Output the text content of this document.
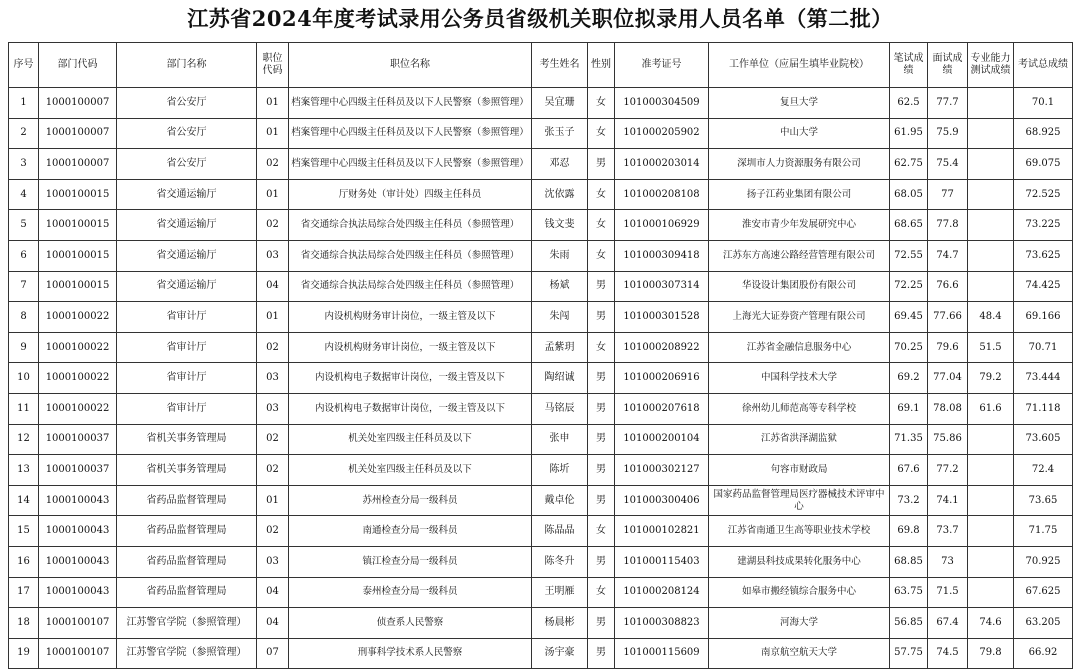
江苏省2024年度考试录用公务员省级机关职位拟录用人员名单（第二批）
序号	部门代码	部门名称	职位代码	职位名称	考生姓名	性别	准考证号	工作单位（应届生填毕业院校）	笔试成绩	面试成绩	专业能力测试成绩	考试总成绩
1	1000100007	省公安厅	01	档案管理中心四级主任科员及以下人民警察（参照管理）	吴宜珊	女	101000304509	复旦大学	62.5	77.7		70.1
2	1000100007	省公安厅	01	档案管理中心四级主任科员及以下人民警察（参照管理）	张玉子	女	101000205902	中山大学	61.95	75.9		68.925
3	1000100007	省公安厅	02	档案管理中心四级主任科员及以下人民警察（参照管理）	邓忍	男	101000203014	深圳市人力资源服务有限公司	62.75	75.4		69.075
4	1000100015	省交通运输厅	01	厅财务处（审计处）四级主任科员	沈依露	女	101000208108	扬子江药业集团有限公司	68.05	77		72.525
5	1000100015	省交通运输厅	02	省交通综合执法局综合处四级主任科员（参照管理）	钱文斐	女	101000106929	淮安市青少年发展研究中心	68.65	77.8		73.225
6	1000100015	省交通运输厅	03	省交通综合执法局综合处四级主任科员（参照管理）	朱雨	女	101000309418	江苏东方高速公路经营管理有限公司	72.55	74.7		73.625
7	1000100015	省交通运输厅	04	省交通综合执法局综合处四级主任科员（参照管理）	杨斌	男	101000307314	华设设计集团股份有限公司	72.25	76.6		74.425
8	1000100022	省审计厅	01	内设机构财务审计岗位，一级主管及以下	朱闯	男	101000301528	上海光大证券资产管理有限公司	69.45	77.66	48.4	69.166
9	1000100022	省审计厅	02	内设机构财务审计岗位，一级主管及以下	孟紫玥	女	101000208922	江苏省金融信息服务中心	70.25	79.6	51.5	70.71
10	1000100022	省审计厅	03	内设机构电子数据审计岗位，一级主管及以下	陶绍诚	男	101000206916	中国科学技术大学	69.2	77.04	79.2	73.444
11	1000100022	省审计厅	03	内设机构电子数据审计岗位，一级主管及以下	马铭辰	男	101000207618	徐州幼儿师范高等专科学校	69.1	78.08	61.6	71.118
12	1000100037	省机关事务管理局	02	机关处室四级主任科员及以下	张申	男	101000200104	江苏省洪泽湖监狱	71.35	75.86		73.605
13	1000100037	省机关事务管理局	02	机关处室四级主任科员及以下	陈圻	男	101000302127	句容市财政局	67.6	77.2		72.4
14	1000100043	省药品监督管理局	01	苏州检查分局一级科员	戴卓伦	男	101000300406	国家药品监督管理局医疗器械技术评审中心	73.2	74.1		73.65
15	1000100043	省药品监督管理局	02	南通检查分局一级科员	陈晶晶	女	101000102821	江苏省南通卫生高等职业技术学校	69.8	73.7		71.75
16	1000100043	省药品监督管理局	03	镇江检查分局一级科员	陈冬升	男	101000115403	建湖县科技成果转化服务中心	68.85	73		70.925
17	1000100043	省药品监督管理局	04	泰州检查分局一级科员	王明雁	女	101000208124	如皋市搬经镇综合服务中心	63.75	71.5		67.625
18	1000100107	江苏警官学院（参照管理）	04	侦查系人民警察	杨晨彬	男	101000308823	河海大学	56.85	67.4	74.6	63.205
19	1000100107	江苏警官学院（参照管理）	07	刑事科学技术系人民警察	汤宇豪	男	101000115609	南京航空航天大学	57.75	74.5	79.8	66.92
